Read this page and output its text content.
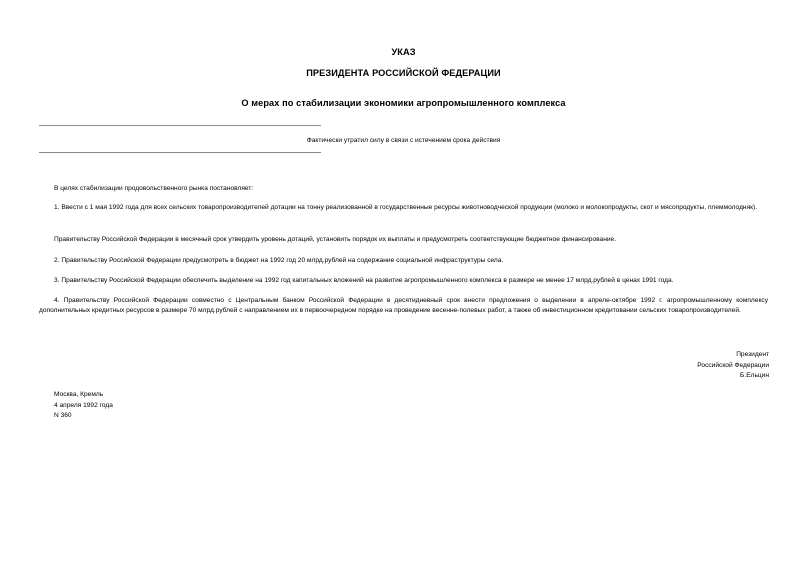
УКАЗ
ПРЕЗИДЕНТА РОССИЙСКОЙ ФЕДЕРАЦИИ
О мерах по стабилизации экономики агропромышленного комплекса
Фактически утратил силу в связи с истечением срока действия
В целях стабилизации продовольственного рынка постановляет:
1. Ввести с 1 мая 1992 года для всех сельских товаропроизводителей дотации на тонну реализованной в государственные ресурсы животноводческой продукции (молоко и молокопродукты, скот и мясопродукты, племмолодняк).
Правительству Российской Федерации в месячный срок утвердить уровень дотаций, установить порядок их выплаты и предусмотреть соответствующие бюджетное финансирование.
2. Правительству Российской Федерации предусмотреть в бюджет на 1992 год 20 млрд.рублей на содержание социальной инфраструктуры села.
3. Правительству Российской Федерации обеспечить выделение на 1992 год капитальных вложений на развитие агропромышленного комплекса в размере не менее 17 млрд.рублей в ценах 1991 года.
4. Правительству Российской Федерации совместно с Центральным банком Российской Федерации в десятидневный срок внести предложения о выделении в апреле-октябре 1992 г. агропромышленному комплексу дополнительных кредитных ресурсов в размере 70 млрд.рублей с направлением их в первоочередном порядке на проведение весенне-полевых работ, а также об инвестиционном кредитовании сельских товаропроизводителей.
Президент
Российской Федерации
Б.Ельцин
Москва, Кремль
4 апреля 1992 года
N 360
